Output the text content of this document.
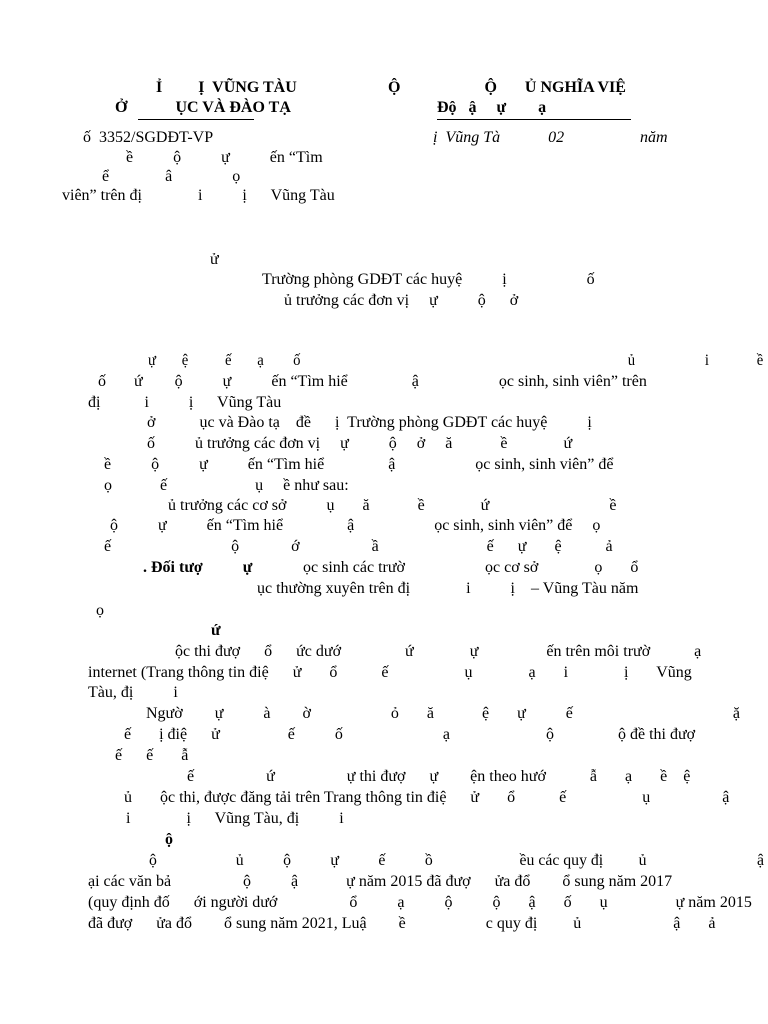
Ỉ         Ị  VŨNG TÀU
Ở            ỤC VÀ ĐÀO TẠ
Ộ                     Ộ       Ủ NGHĨA VIỆ
Độ   ậ     ự        ạ
ố  3352/SGDĐT-VP	ị  Vũng Tà            02	năm
ề          ộ          ự          ến “Tìm
ể              â               ọ
viên” trên đị              i          ị      Vũng Tàu
ử
Trường phòng GDĐT các huyệ          ị                    ố
ủ trưởng các đơn vị     ự          ộ      ở
ự       ệ          ế       ạ        ố                                                                                         ủ                   i             ề
ố       ứ        ộ          ự          ến “Tìm hiể                ậ                    ọc sinh, sinh viên” trên
đị           i          ị      Vũng Tàu
ở           ục và Đào tạ    đề      ị  Trường phòng GDĐT các huyệ          ị
ố          ủ trưởng các đơn vị     ự          ộ     ở     ă            ề              ứ
ề          ộ          ự          ến “Tìm hiể                ậ                    ọc sinh, sinh viên” để
ọ            ế                      ụ     ề như sau:
ủ trưởng các cơ sở          ụ       ă            ề              ứ                              ề
ộ          ự          ến “Tìm hiể                ậ                    ọc sinh, sinh viên” để     ọ
ế                              ộ             ớ                  ầ                           ế      ự       ệ           ả
. Đối tượ          ự	ọc sinh các trườ                    ọc cơ sở              ọ       ổ
ục thường xuyên trên đị              i          ị    – Vũng Tàu năm
ọ
ứ
ộc thi đượ      ổ      ức dướ                ứ              ự                 ến trên môi trườ           ạ
internet (Trang thông tin điệ      ử       ổ           ế                   ụ              ạ       i              ị       Vũng
Tàu, đị          i
Ngườ        ự          à        ờ                    ỏ       ă            ệ       ự          ế                                        ặ
ế       ị điệ      ử                 ế          ố                         ạ                        ộ                ộ đề thi đượ
ế      ế       ẫ
ế                  ứ                  ự thi đượ      ự        ện theo hướ           ẫ       ạ       ề    ệ
ủ       ộc thi, được đăng tải trên Trang thông tin điệ      ử       ổ           ế                   ụ                  ậ
i              ị      Vũng Tàu, đị          i
ộ
ộ                    ủ          ộ          ự          ế          ồ                      ều các quy đị         ủ                            ậ
ại các văn bả                  ộ          ậ            ự năm 2015 đã đượ      ửa đổ        ổ sung năm 2017
(quy định đố      ới người dướ                  ổ          ạ          ộ          ộ       ậ       ố       ụ                 ự năm 2015
đã đượ      ửa đổ        ổ sung năm 2021, Luậ        ề                    c quy đị         ủ                       ậ       ả
